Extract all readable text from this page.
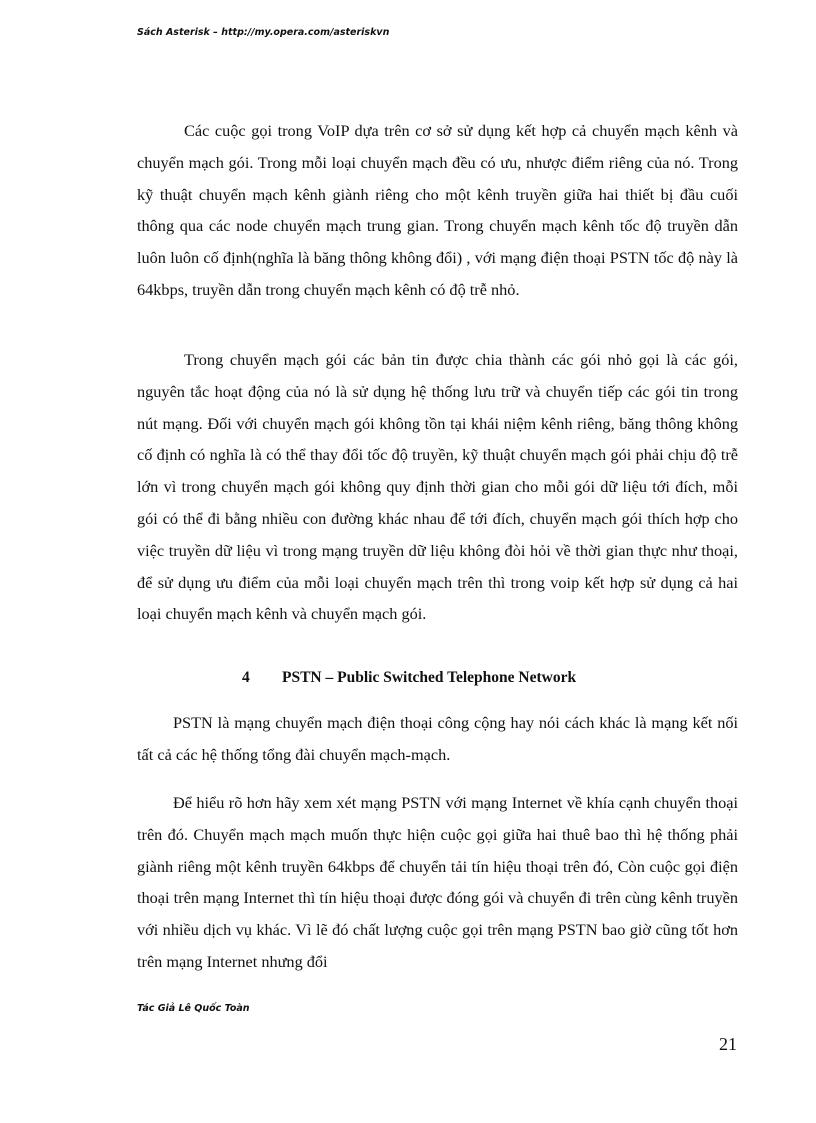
Sách Asterisk – http://my.opera.com/asteriskvn

Các cuộc gọi trong VoIP dựa trên cơ sở sử dụng kết hợp cả chuyển mạch kênh và chuyển mạch gói. Trong mỗi loại chuyển mạch đều có ưu, nhược điểm riêng của nó. Trong kỹ thuật chuyển mạch kênh giành riêng cho một kênh truyền giữa hai thiết bị đầu cuối thông qua các node chuyển mạch trung gian. Trong chuyển mạch kênh tốc độ truyền dẫn luôn luôn cố định(nghĩa là băng thông không đổi) , với mạng điện thoại PSTN tốc độ này là 64kbps, truyền dẫn trong chuyển mạch kênh có độ trễ nhỏ.

Trong chuyển mạch gói các bản tin được chia thành các gói nhỏ gọi là các gói, nguyên tắc hoạt động của nó là sử dụng hệ thống lưu trữ và chuyển tiếp các gói tin trong nút mạng. Đối với chuyển mạch gói không tồn tại khái niệm kênh riêng, băng thông không cố định có nghĩa là có thể thay đổi tốc độ truyền, kỹ thuật chuyển mạch gói phải chịu độ trễ lớn vì trong chuyển mạch gói không quy định thời gian cho mỗi gói dữ liệu tới đích, mỗi gói có thể đi bằng nhiều con đường khác nhau để tới đích, chuyển mạch gói thích hợp cho việc truyền dữ liệu vì trong mạng truyền dữ liệu không đòi hỏi về thời gian thực như thoại, để sử dụng ưu điểm của mỗi loại chuyển mạch trên thì trong voip kết hợp sử dụng cả hai loại chuyển mạch kênh và chuyển mạch gói.

4 PSTN – Public Switched Telephone Network

PSTN là mạng chuyển mạch điện thoại công cộng hay nói cách khác là mạng kết nối tất cả các hệ thống tổng đài chuyển mạch-mạch.

Để hiểu rõ hơn hãy xem xét mạng PSTN với mạng Internet về khía cạnh chuyển thoại trên đó. Chuyển mạch mạch muốn thực hiện cuộc gọi giữa hai thuê bao thì hệ thống phải giành riêng một kênh truyền 64kbps để chuyển tải tín hiệu thoại trên đó, Còn cuộc gọi điện thoại trên mạng Internet thì tín hiệu thoại được đóng gói và chuyển đi trên cùng kênh truyền với nhiều dịch vụ khác. Vì lẽ đó chất lượng cuộc gọi trên mạng PSTN bao giờ cũng tốt hơn trên mạng Internet nhưng đổi

Tác Giả Lê Quốc Toàn
21
